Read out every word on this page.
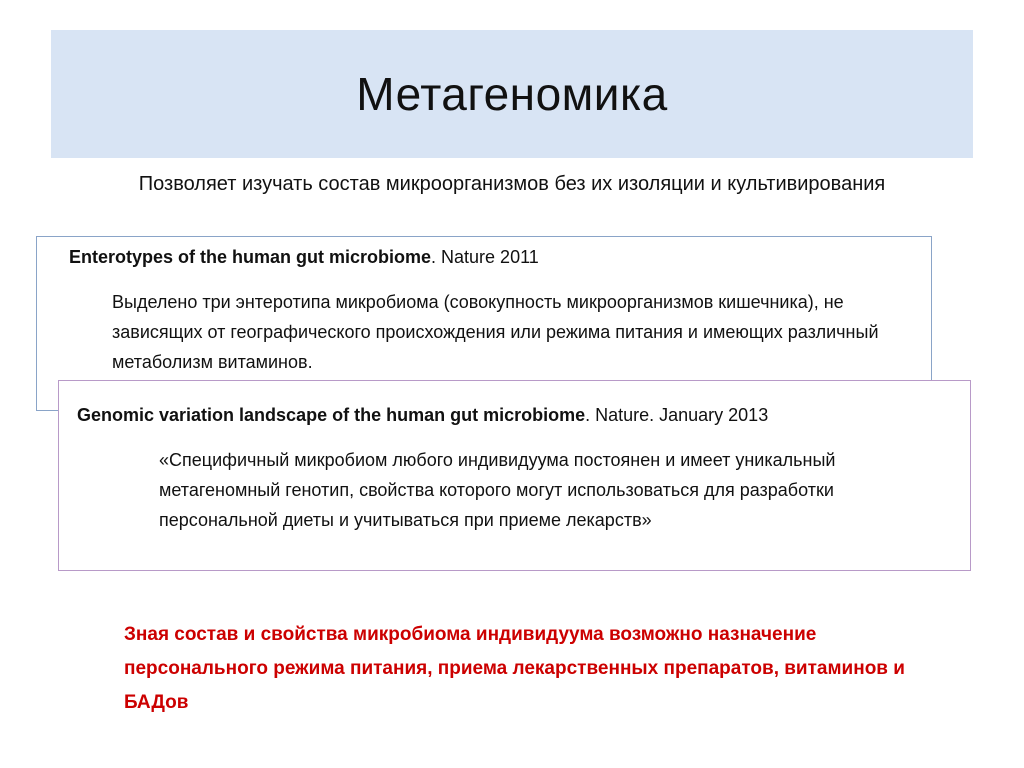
Метагеномика
Позволяет изучать состав микроорганизмов без их изоляции и культивирования
Enterotypes of the human gut microbiome. Nature 2011
Выделено три энтеротипа микробиома (совокупность микроорганизмов кишечника), не зависящих от географического происхождения или режима питания и имеющих различный метаболизм витаминов.
Genomic variation landscape of the human gut microbiome. Nature. January 2013
«Специфичный микробиом любого индивидуума постоянен и имеет уникальный метагеномный генотип, свойства которого могут использоваться для разработки персональной диеты и учитываться при приеме лекарств»
Зная состав и свойства микробиома индивидуума возможно назначение персонального режима питания, приема лекарственных препаратов, витаминов и БАДов
